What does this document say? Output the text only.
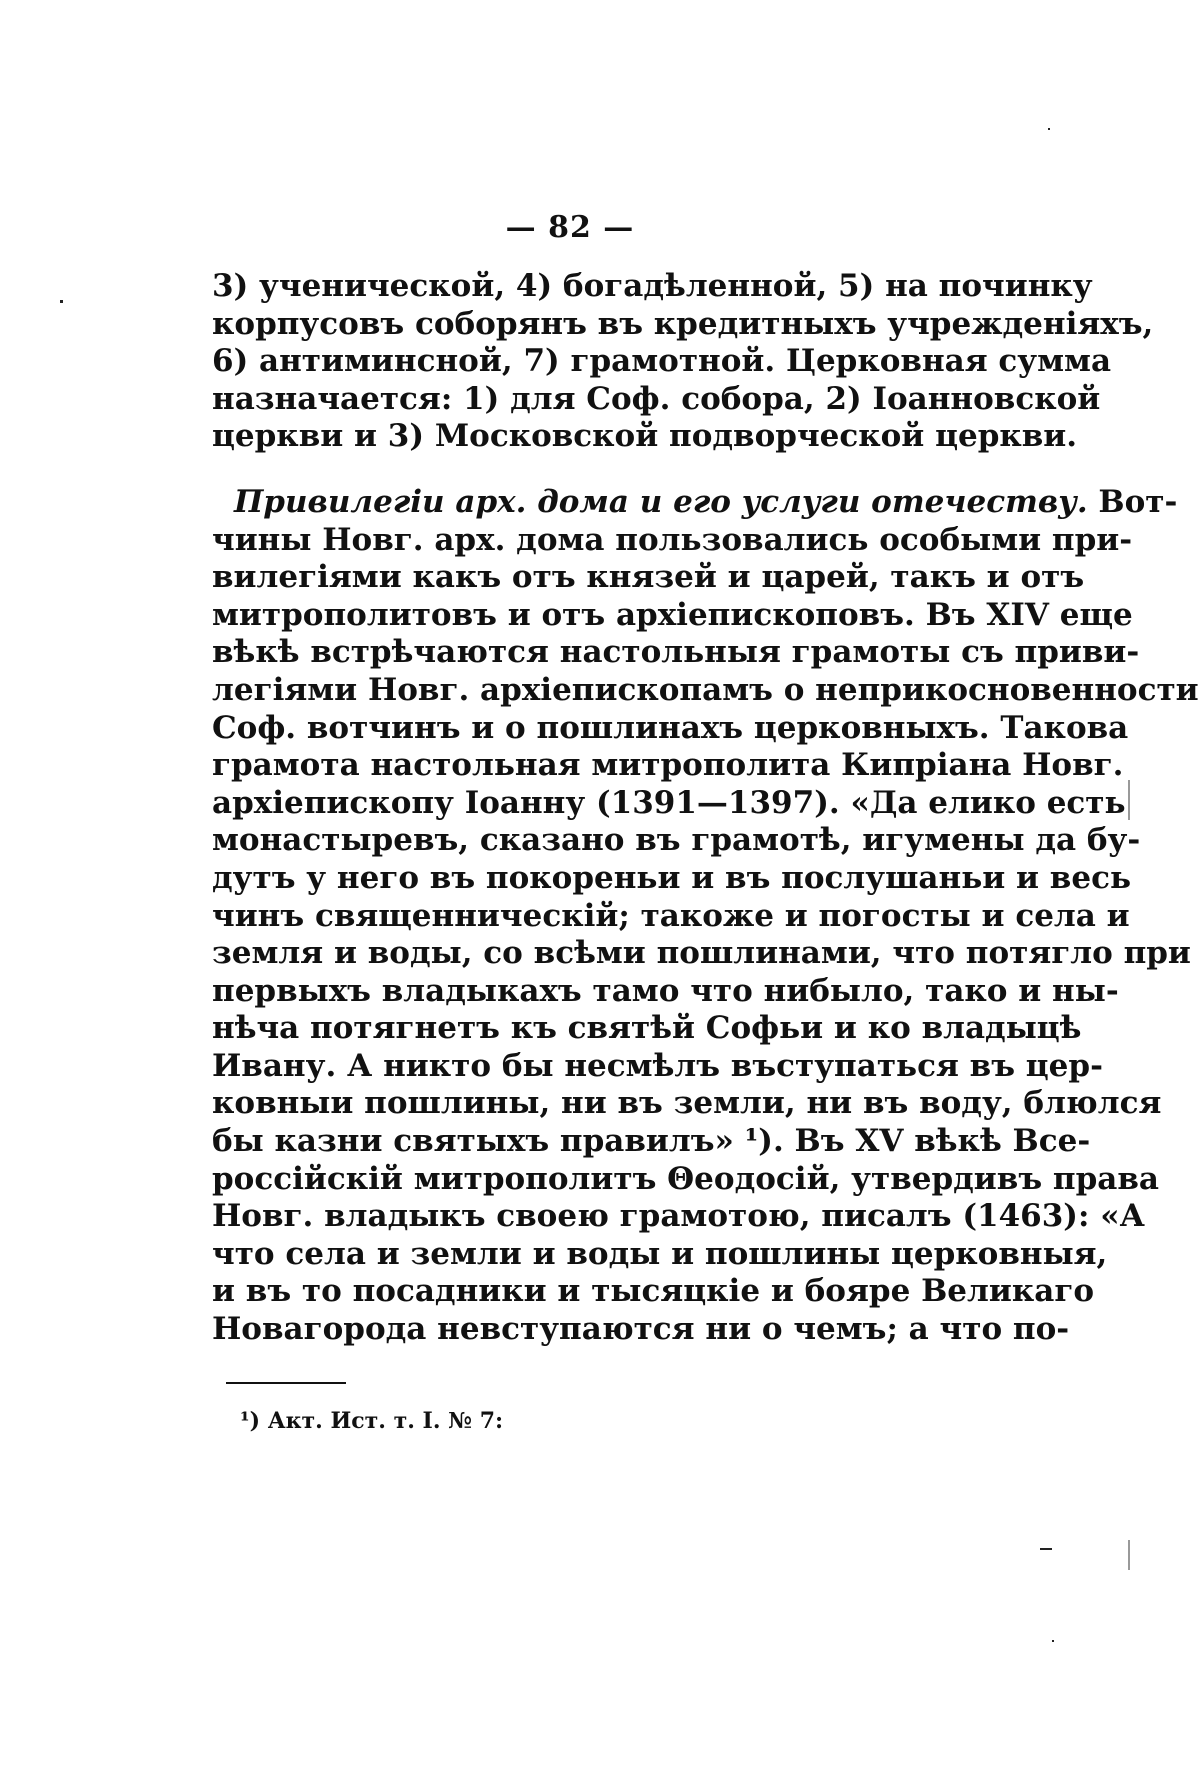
— 82 —
3) ученической, 4) богадѣленной, 5) на починку
корпусовъ соборянъ въ кредитныхъ учрежденіяхъ,
6) антиминсной, 7) грамотной. Церковная сумма
назначается: 1) для Соф. собора, 2) Іоанновской
церкви и 3) Московской подворческой церкви.
Привилегіи арх. дома и его услуги отечеству. Вот-
чины Новг. арх. дома пользовались особыми при-
вилегіями какъ отъ князей и царей, такъ и отъ
митрополитовъ и отъ архіепископовъ. Въ XIV еще
вѣкѣ встрѣчаются настольныя грамоты съ приви-
легіями Новг. архіепископамъ о неприкосновенности
Соф. вотчинъ и о пошлинахъ церковныхъ. Такова
грамота настольная митрополита Кипріана Новг.
архіепископу Іоанну (1391—1397). «Да елико есть
монастыревъ, сказано въ грамотѣ, игумены да бу-
дутъ у него въ покореньи и въ послушаньи и весь
чинъ священническій; такоже и погосты и села и
земля и воды, со всѣми пошлинами, что потягло при
первыхъ владыкахъ тамо что нибыло, тако и ны-
нѣча потягнетъ къ святѣй Софьи и ко владыцѣ
Ивану. А никто бы несмѣлъ въступаться въ цер-
ковныи пошлины, ни въ земли, ни въ воду, блюлся
бы казни святыхъ правилъ» ¹). Въ XV вѣкѣ Все-
россійскій митрополитъ Θеодосій, утвердивъ права
Новг. владыкъ своею грамотою, писалъ (1463): «А
что села и земли и воды и пошлины церковныя,
и въ то посадники и тысяцкіе и бояре Великаго
Новагорода невступаются ни о чемъ; а что по-
¹) Акт. Ист. т. I. № 7:
